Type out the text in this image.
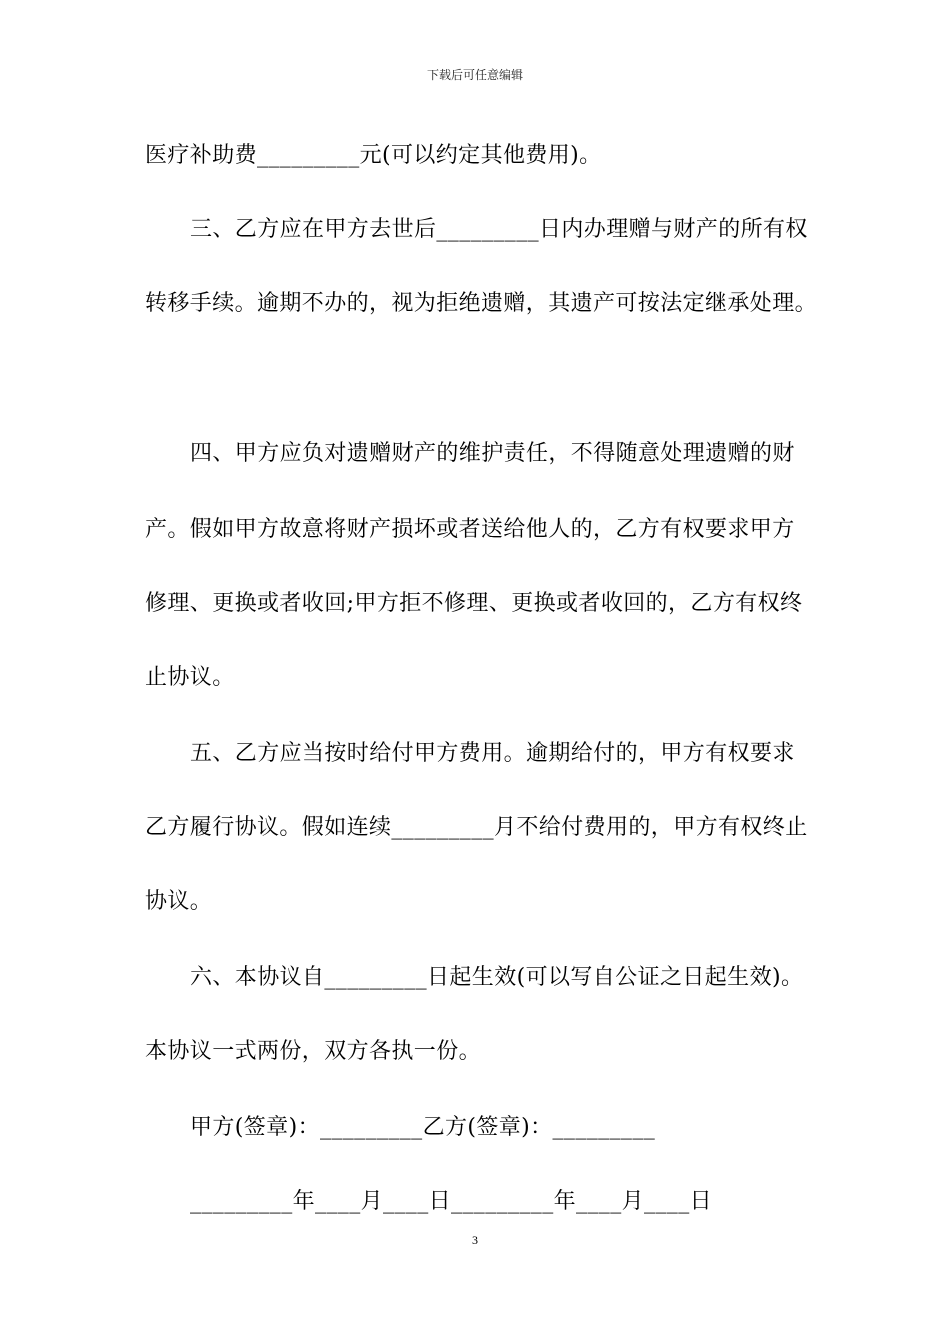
下载后可任意编辑
医疗补助费_________元(可以约定其他费用)。
三、乙方应在甲方去世后_________日内办理赠与财产的所有权
转移手续。逾期不办的，视为拒绝遗赠，其遗产可按法定继承处理。
四、甲方应负对遗赠财产的维护责任，不得随意处理遗赠的财
产。假如甲方故意将财产损坏或者送给他人的，乙方有权要求甲方
修理、更换或者收回;甲方拒不修理、更换或者收回的，乙方有权终
止协议。
五、乙方应当按时给付甲方费用。逾期给付的，甲方有权要求
乙方履行协议。假如连续_________月不给付费用的，甲方有权终止
协议。
六、本协议自_________日起生效(可以写自公证之日起生效)。
本协议一式两份，双方各执一份。
甲方(签章)：_________乙方(签章)：_________
_________年____月____日_________年____月____日
3
